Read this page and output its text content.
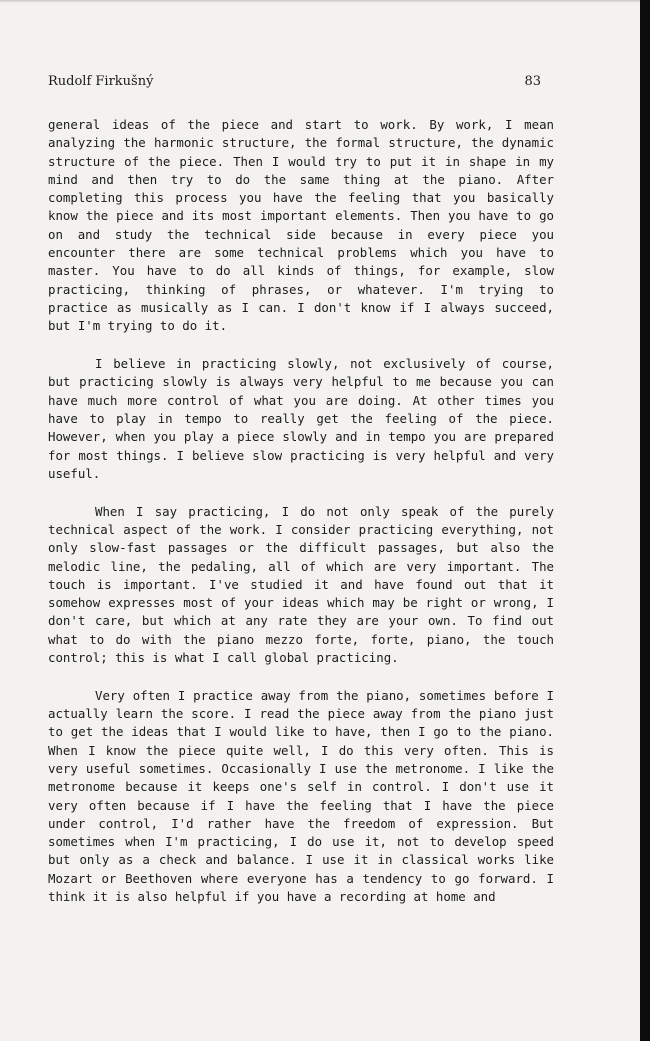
Rudolf Firkušný	83

general ideas of the piece and start to work. By work, I mean analyzing the harmonic structure, the formal structure, the dynamic structure of the piece. Then I would try to put it in shape in my mind and then try to do the same thing at the piano. After completing this process you have the feeling that you basically know the piece and its most important elements. Then you have to go on and study the technical side because in every piece you encounter there are some technical problems which you have to master. You have to do all kinds of things, for example, slow practicing, thinking of phrases, or whatever. I'm trying to practice as musically as I can. I don't know if I always succeed, but I'm trying to do it.

I believe in practicing slowly, not exclusively of course, but practicing slowly is always very helpful to me because you can have much more control of what you are doing. At other times you have to play in tempo to really get the feeling of the piece. However, when you play a piece slowly and in tempo you are prepared for most things. I believe slow practicing is very helpful and very useful.

When I say practicing, I do not only speak of the purely technical aspect of the work. I consider practicing everything, not only slow-fast passages or the difficult passages, but also the melodic line, the pedaling, all of which are very important. The touch is important. I've studied it and have found out that it somehow expresses most of your ideas which may be right or wrong, I don't care, but which at any rate they are your own. To find out what to do with the piano mezzo forte, forte, piano, the touch control; this is what I call global practicing.

Very often I practice away from the piano, sometimes before I actually learn the score. I read the piece away from the piano just to get the ideas that I would like to have, then I go to the piano. When I know the piece quite well, I do this very often. This is very useful sometimes. Occasionally I use the metronome. I like the metronome because it keeps one's self in control. I don't use it very often because if I have the feeling that I have the piece under control, I'd rather have the freedom of expression. But sometimes when I'm practicing, I do use it, not to develop speed but only as a check and balance. I use it in classical works like Mozart or Beethoven where everyone has a tendency to go forward. I think it is also helpful if you have a recording at home and
